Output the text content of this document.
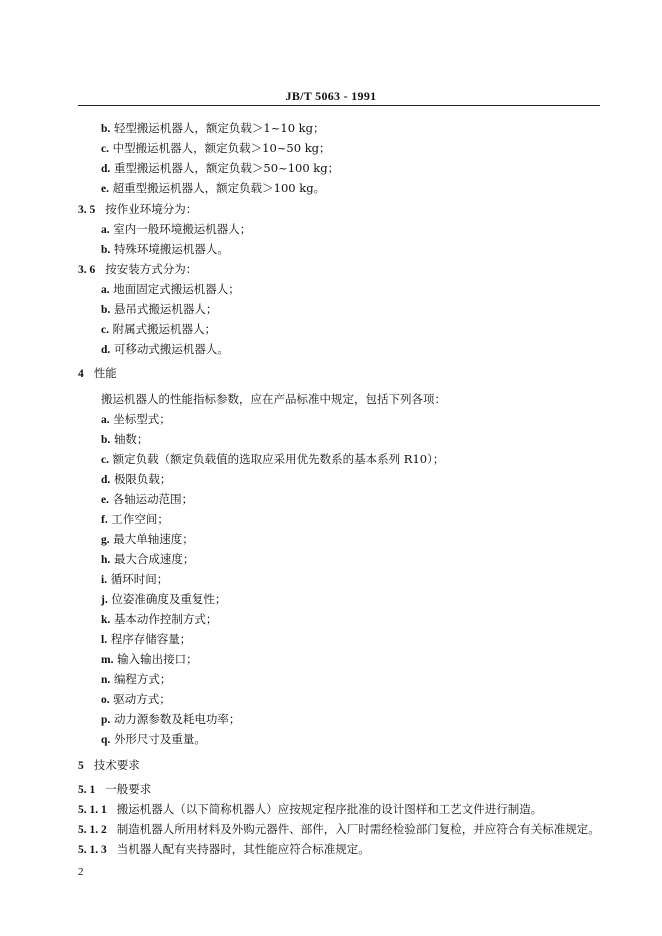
JB/T 5063 - 1991
b. 轻型搬运机器人，额定负载＞1~10 kg；
c. 中型搬运机器人，额定负载＞10~50 kg；
d. 重型搬运机器人，额定负载＞50~100 kg；
e. 超重型搬运机器人，额定负载＞100 kg。
3. 5 按作业环境分为：
a. 室内一般环境搬运机器人；
b. 特殊环境搬运机器人。
3. 6 按安装方式分为：
a. 地面固定式搬运机器人；
b. 悬吊式搬运机器人；
c. 附属式搬运机器人；
d. 可移动式搬运机器人。
4 性能
搬运机器人的性能指标参数，应在产品标准中规定，包括下列各项：
a. 坐标型式；
b. 轴数；
c. 额定负载（额定负载值的选取应采用优先数系的基本系列 R10）；
d. 极限负载；
e. 各轴运动范围；
f. 工作空间；
g. 最大单轴速度；
h. 最大合成速度；
i. 循环时间；
j. 位姿准确度及重复性；
k. 基本动作控制方式；
l. 程序存储容量；
m. 输入输出接口；
n. 编程方式；
o. 驱动方式；
p. 动力源参数及耗电功率；
q. 外形尺寸及重量。
5 技术要求
5. 1 一般要求
5. 1. 1 搬运机器人（以下简称机器人）应按规定程序批准的设计图样和工艺文件进行制造。
5. 1. 2 制造机器人所用材料及外购元器件、部件，入厂时需经检验部门复检，并应符合有关标准规定。
5. 1. 3 当机器人配有夹持器时，其性能应符合标准规定。
2
